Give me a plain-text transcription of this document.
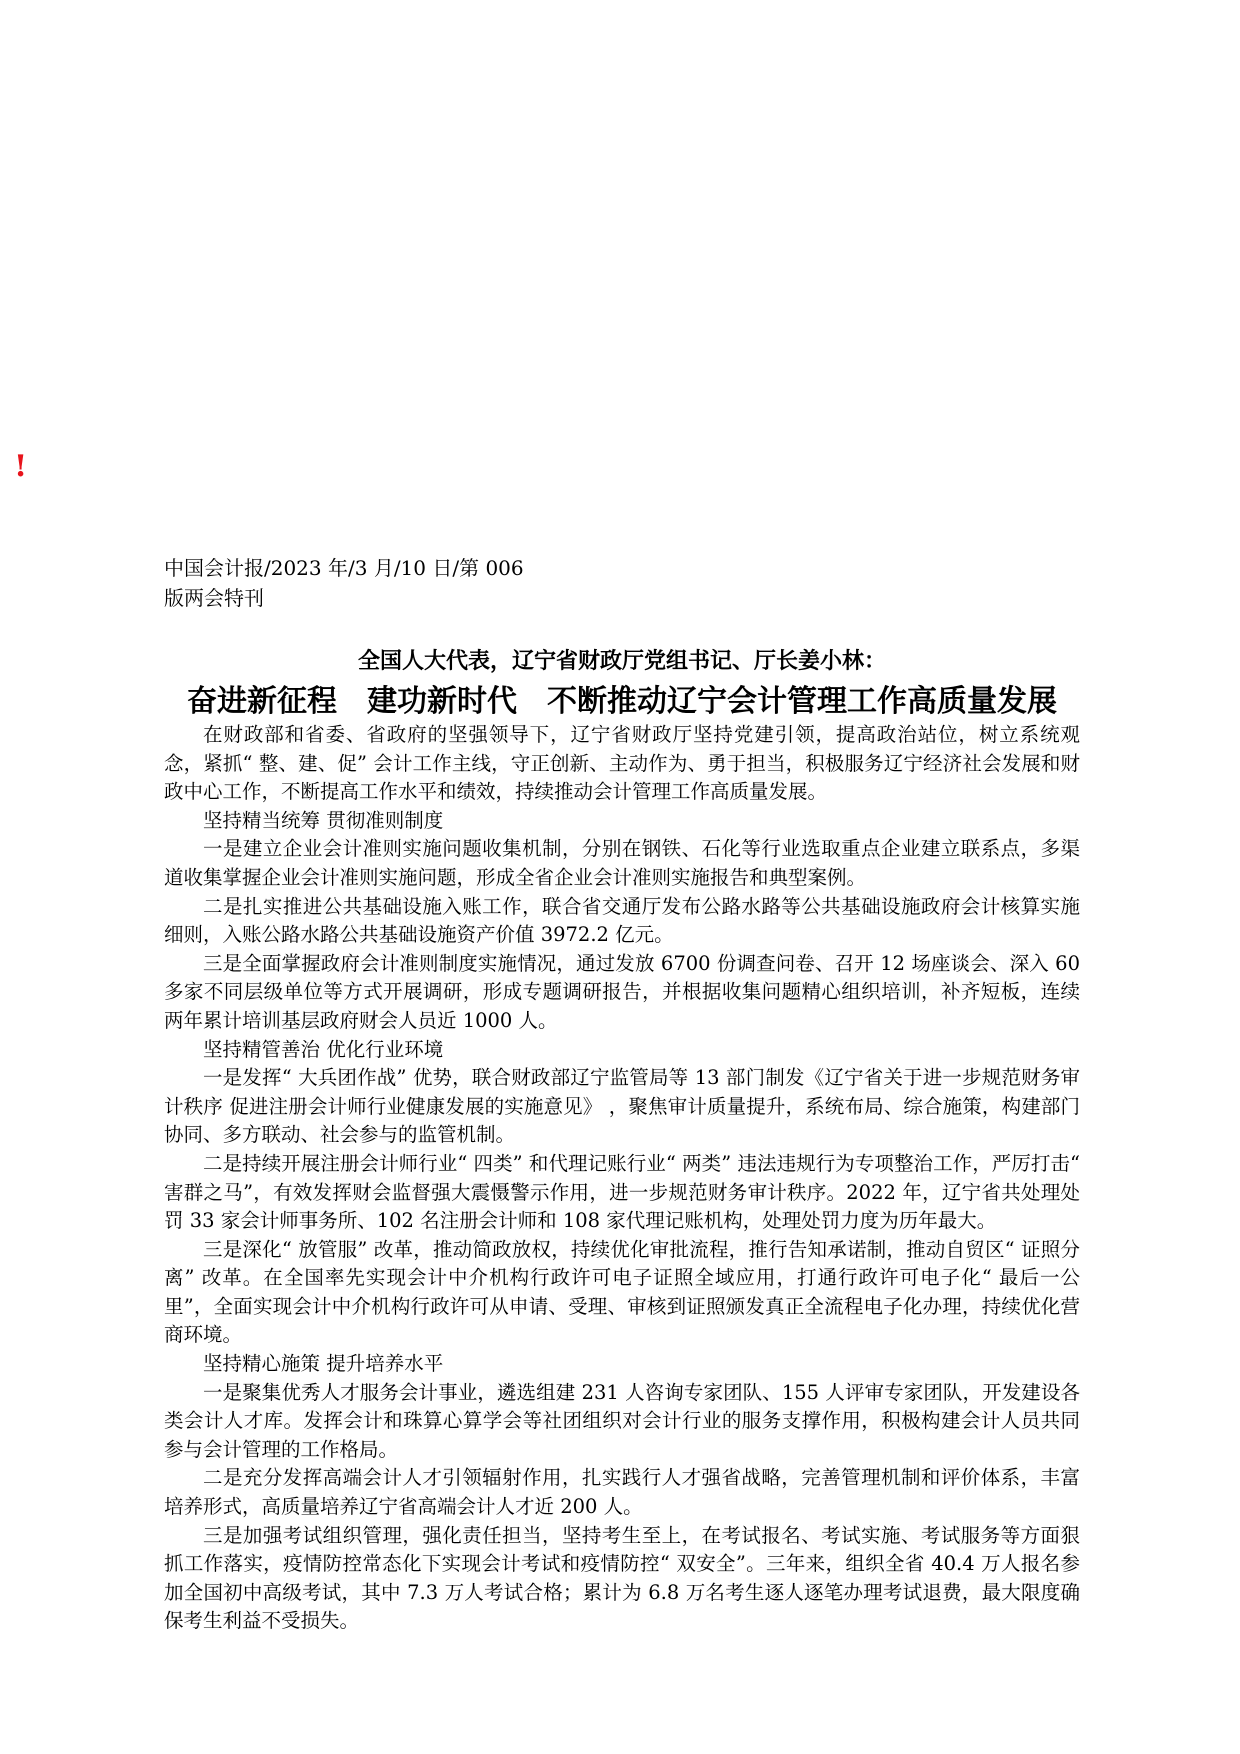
!
中国会计报/2023 年/3 月/10 日/第 006
版两会特刊
全国人大代表，辽宁省财政厅党组书记、厅长姜小林：
奋进新征程　建功新时代　不断推动辽宁会计管理工作高质量发展

在财政部和省委、省政府的坚强领导下，辽宁省财政厅坚持党建引领，提高政治站位，树立系统观念，紧抓“ 整、建、促” 会计工作主线，守正创新、主动作为、勇于担当，积极服务辽宁经济社会发展和财政中心工作，不断提高工作水平和绩效，持续推动会计管理工作高质量发展。

坚持精当统筹 贯彻准则制度

一是建立企业会计准则实施问题收集机制，分别在钢铁、石化等行业选取重点企业建立联系点，多渠道收集掌握企业会计准则实施问题，形成全省企业会计准则实施报告和典型案例。

二是扎实推进公共基础设施入账工作，联合省交通厅发布公路水路等公共基础设施政府会计核算实施细则，入账公路水路公共基础设施资产价值 3972.2 亿元。

三是全面掌握政府会计准则制度实施情况，通过发放 6700 份调查问卷、召开 12 场座谈会、深入 60 多家不同层级单位等方式开展调研，形成专题调研报告，并根据收集问题精心组织培训，补齐短板，连续两年累计培训基层政府财会人员近 1000 人。

坚持精管善治 优化行业环境

一是发挥“ 大兵团作战” 优势，联合财政部辽宁监管局等 13 部门制发《辽宁省关于进一步规范财务审计秩序 促进注册会计师行业健康发展的实施意见》 ，聚焦审计质量提升，系统布局、综合施策，构建部门协同、多方联动、社会参与的监管机制。

二是持续开展注册会计师行业“ 四类” 和代理记账行业“ 两类” 违法违规行为专项整治工作，严厉打击“ 害群之马”，有效发挥财会监督强大震慑警示作用，进一步规范财务审计秩序。2022 年，辽宁省共处理处罚 33 家会计师事务所、102 名注册会计师和 108 家代理记账机构，处理处罚力度为历年最大。

三是深化“ 放管服” 改革，推动简政放权，持续优化审批流程，推行告知承诺制，推动自贸区“ 证照分离” 改革。在全国率先实现会计中介机构行政许可电子证照全域应用，打通行政许可电子化“ 最后一公里”，全面实现会计中介机构行政许可从申请、受理、审核到证照颁发真正全流程电子化办理，持续优化营商环境。

坚持精心施策 提升培养水平

一是聚集优秀人才服务会计事业，遴选组建 231 人咨询专家团队、155 人评审专家团队，开发建设各类会计人才库。发挥会计和珠算心算学会等社团组织对会计行业的服务支撑作用，积极构建会计人员共同参与会计管理的工作格局。

二是充分发挥高端会计人才引领辐射作用，扎实践行人才强省战略，完善管理机制和评价体系，丰富培养形式，高质量培养辽宁省高端会计人才近 200 人。

三是加强考试组织管理，强化责任担当，坚持考生至上，在考试报名、考试实施、考试服务等方面狠抓工作落实，疫情防控常态化下实现会计考试和疫情防控“ 双安全”。三年来，组织全省 40.4 万人报名参加全国初中高级考试，其中 7.3 万人考试合格；累计为 6.8 万名考生逐人逐笔办理考试退费，最大限度确保考生利益不受损失。
